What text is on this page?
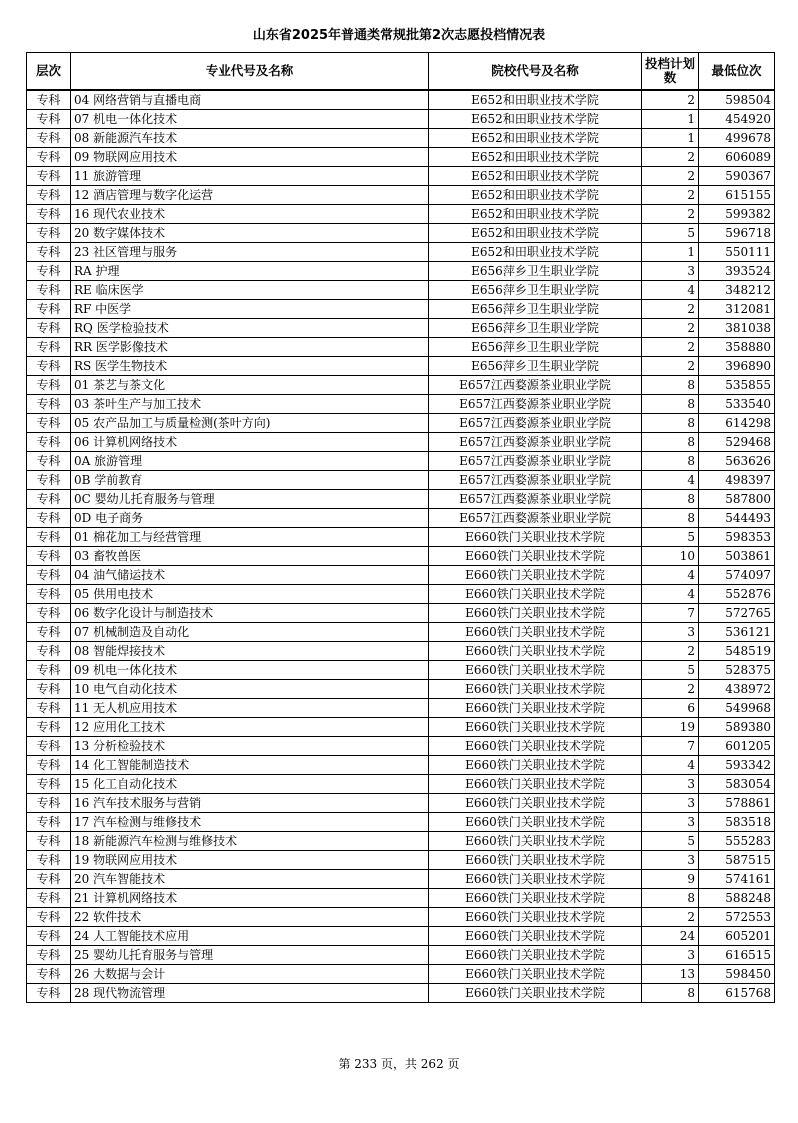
山东省2025年普通类常规批第2次志愿投档情况表
层次	专业代号及名称	院校代号及名称	投档计划数	最低位次
专科	04 网络营销与直播电商	E652和田职业技术学院	2	598504
专科	07 机电一体化技术	E652和田职业技术学院	1	454920
专科	08 新能源汽车技术	E652和田职业技术学院	1	499678
专科	09 物联网应用技术	E652和田职业技术学院	2	606089
专科	11 旅游管理	E652和田职业技术学院	2	590367
专科	12 酒店管理与数字化运营	E652和田职业技术学院	2	615155
专科	16 现代农业技术	E652和田职业技术学院	2	599382
专科	20 数字媒体技术	E652和田职业技术学院	5	596718
专科	23 社区管理与服务	E652和田职业技术学院	1	550111
专科	RA 护理	E656萍乡卫生职业学院	3	393524
专科	RE 临床医学	E656萍乡卫生职业学院	4	348212
专科	RF 中医学	E656萍乡卫生职业学院	2	312081
专科	RQ 医学检验技术	E656萍乡卫生职业学院	2	381038
专科	RR 医学影像技术	E656萍乡卫生职业学院	2	358880
专科	RS 医学生物技术	E656萍乡卫生职业学院	2	396890
专科	01 茶艺与茶文化	E657江西婺源茶业职业学院	8	535855
专科	03 茶叶生产与加工技术	E657江西婺源茶业职业学院	8	533540
专科	05 农产品加工与质量检测(茶叶方向)	E657江西婺源茶业职业学院	8	614298
专科	06 计算机网络技术	E657江西婺源茶业职业学院	8	529468
专科	0A 旅游管理	E657江西婺源茶业职业学院	8	563626
专科	0B 学前教育	E657江西婺源茶业职业学院	4	498397
专科	0C 婴幼儿托育服务与管理	E657江西婺源茶业职业学院	8	587800
专科	0D 电子商务	E657江西婺源茶业职业学院	8	544493
专科	01 棉花加工与经营管理	E660铁门关职业技术学院	5	598353
专科	03 畜牧兽医	E660铁门关职业技术学院	10	503861
专科	04 油气储运技术	E660铁门关职业技术学院	4	574097
专科	05 供用电技术	E660铁门关职业技术学院	4	552876
专科	06 数字化设计与制造技术	E660铁门关职业技术学院	7	572765
专科	07 机械制造及自动化	E660铁门关职业技术学院	3	536121
专科	08 智能焊接技术	E660铁门关职业技术学院	2	548519
专科	09 机电一体化技术	E660铁门关职业技术学院	5	528375
专科	10 电气自动化技术	E660铁门关职业技术学院	2	438972
专科	11 无人机应用技术	E660铁门关职业技术学院	6	549968
专科	12 应用化工技术	E660铁门关职业技术学院	19	589380
专科	13 分析检验技术	E660铁门关职业技术学院	7	601205
专科	14 化工智能制造技术	E660铁门关职业技术学院	4	593342
专科	15 化工自动化技术	E660铁门关职业技术学院	3	583054
专科	16 汽车技术服务与营销	E660铁门关职业技术学院	3	578861
专科	17 汽车检测与维修技术	E660铁门关职业技术学院	3	583518
专科	18 新能源汽车检测与维修技术	E660铁门关职业技术学院	5	555283
专科	19 物联网应用技术	E660铁门关职业技术学院	3	587515
专科	20 汽车智能技术	E660铁门关职业技术学院	9	574161
专科	21 计算机网络技术	E660铁门关职业技术学院	8	588248
专科	22 软件技术	E660铁门关职业技术学院	2	572553
专科	24 人工智能技术应用	E660铁门关职业技术学院	24	605201
专科	25 婴幼儿托育服务与管理	E660铁门关职业技术学院	3	616515
专科	26 大数据与会计	E660铁门关职业技术学院	13	598450
专科	28 现代物流管理	E660铁门关职业技术学院	8	615768
第 233 页，共 262 页
